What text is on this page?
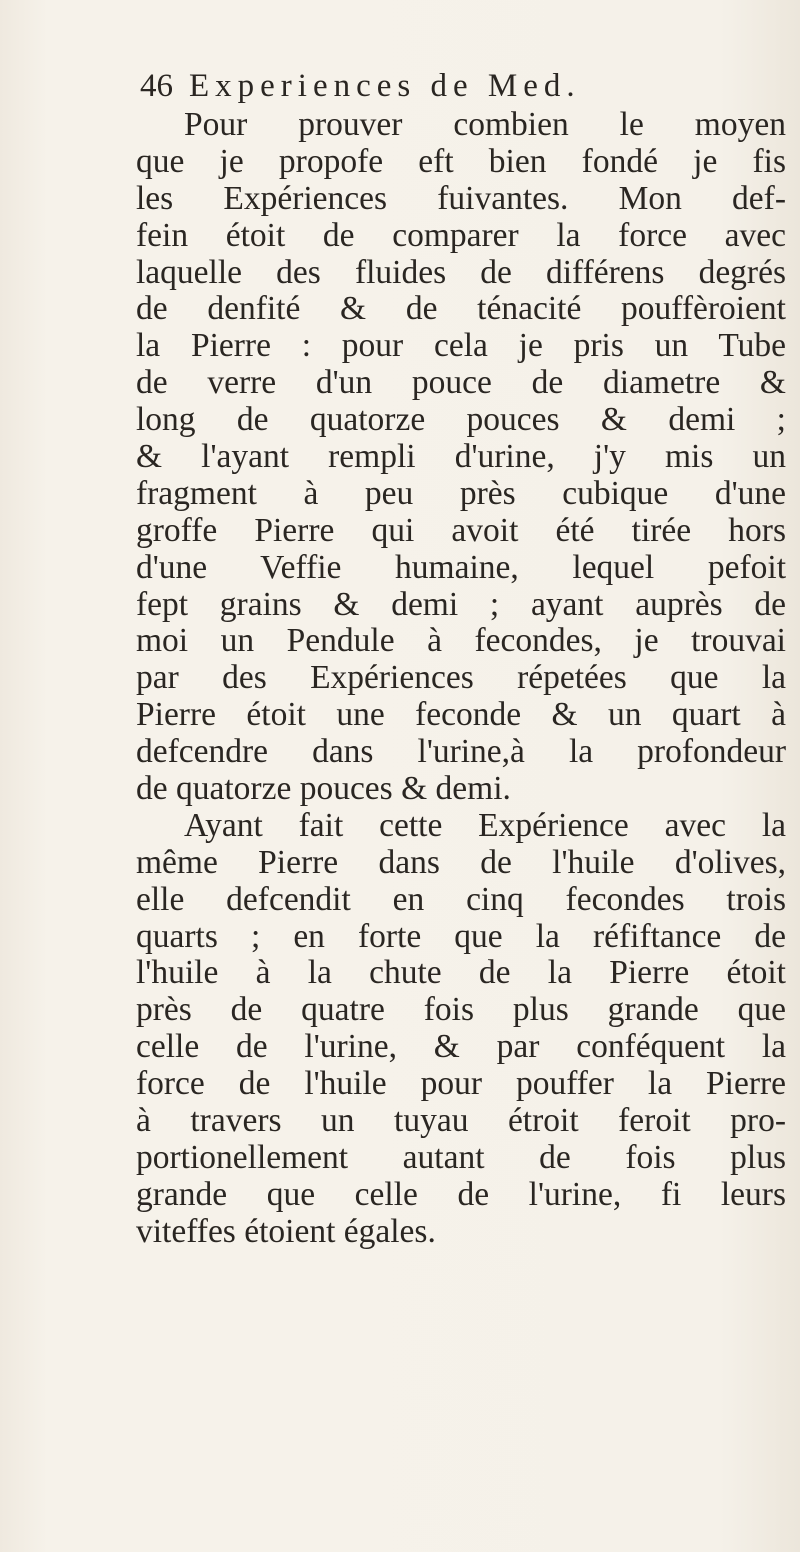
46 Experiences de Med.
Pour prouver combien le moyen
que je propofe eft bien fondé je fis
les Expériences fuivantes. Mon def-
fein étoit de comparer la force avec
laquelle des fluides de différens degrés
de denfité & de ténacité pouffèroient
la Pierre : pour cela je pris un Tube
de verre d'un pouce de diametre &
long de quatorze pouces & demi ;
& l'ayant rempli d'urine, j'y mis un
fragment à peu près cubique d'une
groffe Pierre qui avoit été tirée hors
d'une Veffie humaine, lequel pefoit
fept grains & demi ; ayant auprès de
moi un Pendule à fecondes, je trouvai
par des Expériences répetées que la
Pierre étoit une feconde & un quart à
defcendre dans l'urine,à la profondeur
de quatorze pouces & demi.
Ayant fait cette Expérience avec la
même Pierre dans de l'huile d'olives,
elle defcendit en cinq fecondes trois
quarts ; en forte que la réfiftance de
l'huile à la chute de la Pierre étoit
près de quatre fois plus grande que
celle de l'urine, & par conféquent la
force de l'huile pour pouffer la Pierre
à travers un tuyau étroit feroit pro-
portionellement autant de fois plus
grande que celle de l'urine, fi leurs
viteffes étoient égales.
